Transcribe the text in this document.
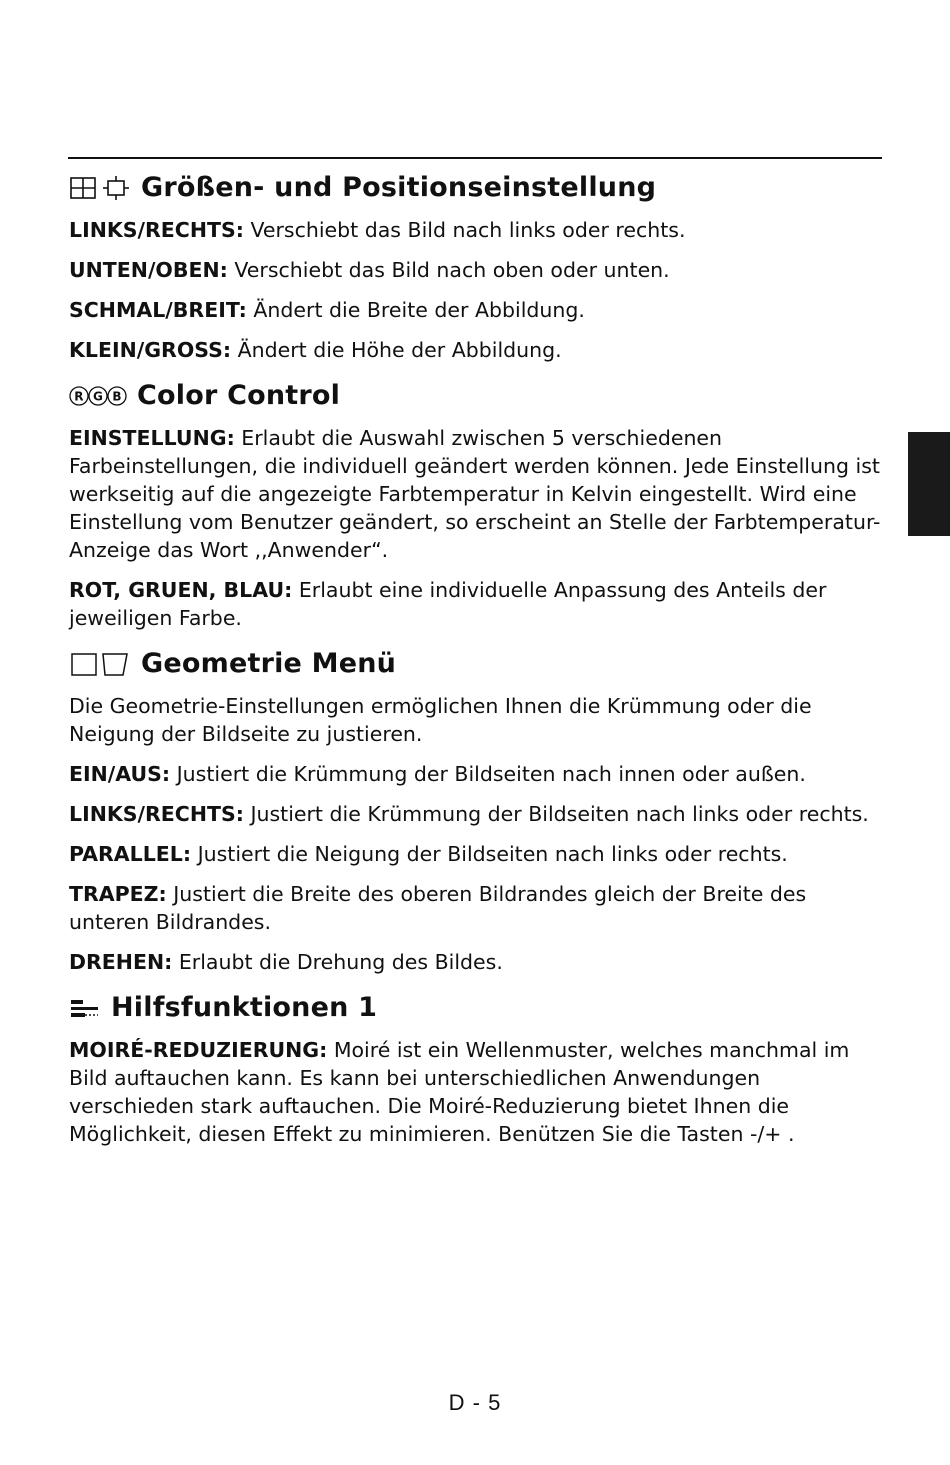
Größen- und Positionseinstellung

LINKS/RECHTS: Verschiebt das Bild nach links oder rechts.

UNTEN/OBEN: Verschiebt das Bild nach oben oder unten.

SCHMAL/BREIT: Ändert die Breite der Abbildung.

KLEIN/GROSS: Ändert die Höhe der Abbildung.

R G B Color Control

EINSTELLUNG: Erlaubt die Auswahl zwischen 5 verschiedenen Farbeinstellungen, die individuell geändert werden können. Jede Einstellung ist werkseitig auf die angezeigte Farbtemperatur in Kelvin eingestellt. Wird eine Einstellung vom Benutzer geändert, so erscheint an Stelle der Farbtemperatur-Anzeige das Wort ,,Anwender“.

ROT, GRUEN, BLAU: Erlaubt eine individuelle Anpassung des Anteils der jeweiligen Farbe.

Geometrie Menü

Die Geometrie-Einstellungen ermöglichen Ihnen die Krümmung oder die Neigung der Bildseite zu justieren.

EIN/AUS: Justiert die Krümmung der Bildseiten nach innen oder außen.

LINKS/RECHTS: Justiert die Krümmung der Bildseiten nach links oder rechts.

PARALLEL: Justiert die Neigung der Bildseiten nach links oder rechts.

TRAPEZ: Justiert die Breite des oberen Bildrandes gleich der Breite des unteren Bildrandes.

DREHEN: Erlaubt die Drehung des Bildes.

Hilfsfunktionen 1

MOIRÉ-REDUZIERUNG: Moiré ist ein Wellenmuster, welches manchmal im Bild auftauchen kann. Es kann bei unterschiedlichen Anwendungen verschieden stark auftauchen. Die Moiré-Reduzierung bietet Ihnen die Möglichkeit, diesen Effekt zu minimieren. Benützen Sie die Tasten -/+ .

D - 5
